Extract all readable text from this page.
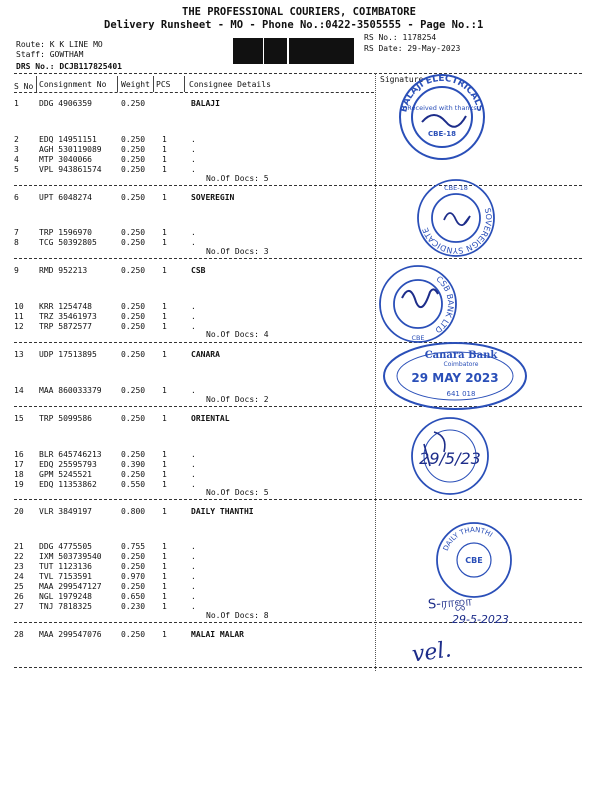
THE PROFESSIONAL COURIERS, COIMBATORE
Delivery Runsheet - MO - Phone No.:0422-3505555 - Page No.:1
Route: K K LINE MO
Staff: GOWTHAM
DRS No.: DCJB117825401
RS No.: 1178254
RS Date: 29-May-2023
S No Consignment No Weight PCS Consignee Details
Signature
BALAJI
1	DDG 4906359	0.250
2	EDQ 14951151	0.250 1	.
3	AGH 530119089 0.250 1	.
4	MTP 3040066	0.250 1	.
5	VPL 943861574 0.250 1	.
No.Of Docs: 5
SOVEREGIN
6	UPT 6048274	0.250 1
7	TRP 1596970	0.250 1	.
8	TCG 50392805	0.250 1	.
No.Of Docs: 3
CSB
9	RMD 952213	0.250 1
10 KRR 1254748	0.250 1	.
11 TRZ 35461973	0.250 1	.
12 TRP 5872577	0.250 1	.
No.Of Docs: 4
CANARA
13 UDP 17513895	0.250 1
14 MAA 860033379 0.250 1	.
No.Of Docs: 2
ORIENTAL
15 TRP 5099586	0.250 1
16 BLR 645746213 0.250 1	.
17 EDQ 25595793	0.390 1	.
18 GPM 5245521	0.250 1	.
19 EDQ 11353862	0.550 1	.
No.Of Docs: 5
DAILY THANTHI
20 VLR 3849197	0.800 1
21 DDG 4775505	0.755 1	.
22 IXM 503739540 0.250 1	.
23 TUT 1123136	0.250 1	.
24 TVL 7153591	0.970 1	.
25 MAA 299547127 0.250 1	.
26 NGL 1979248	0.650 1	.
27 TNJ 7818325	0.230 1	.
No.Of Docs: 8
MALAI MALAR
28 MAA 299547076 0.250 1
BALAJI ELECTRICALS
Received with thanks
CBE-18
SOVEREIGN SYNDICATE
CBE-18
CSB BANK LTD
CBE
Canara Bank
Coimbatore
29 MAY 2023
641 018
29/5/23
DAILY THANTHI
CBE
S-ராஜா
29-5-2023
vel.
